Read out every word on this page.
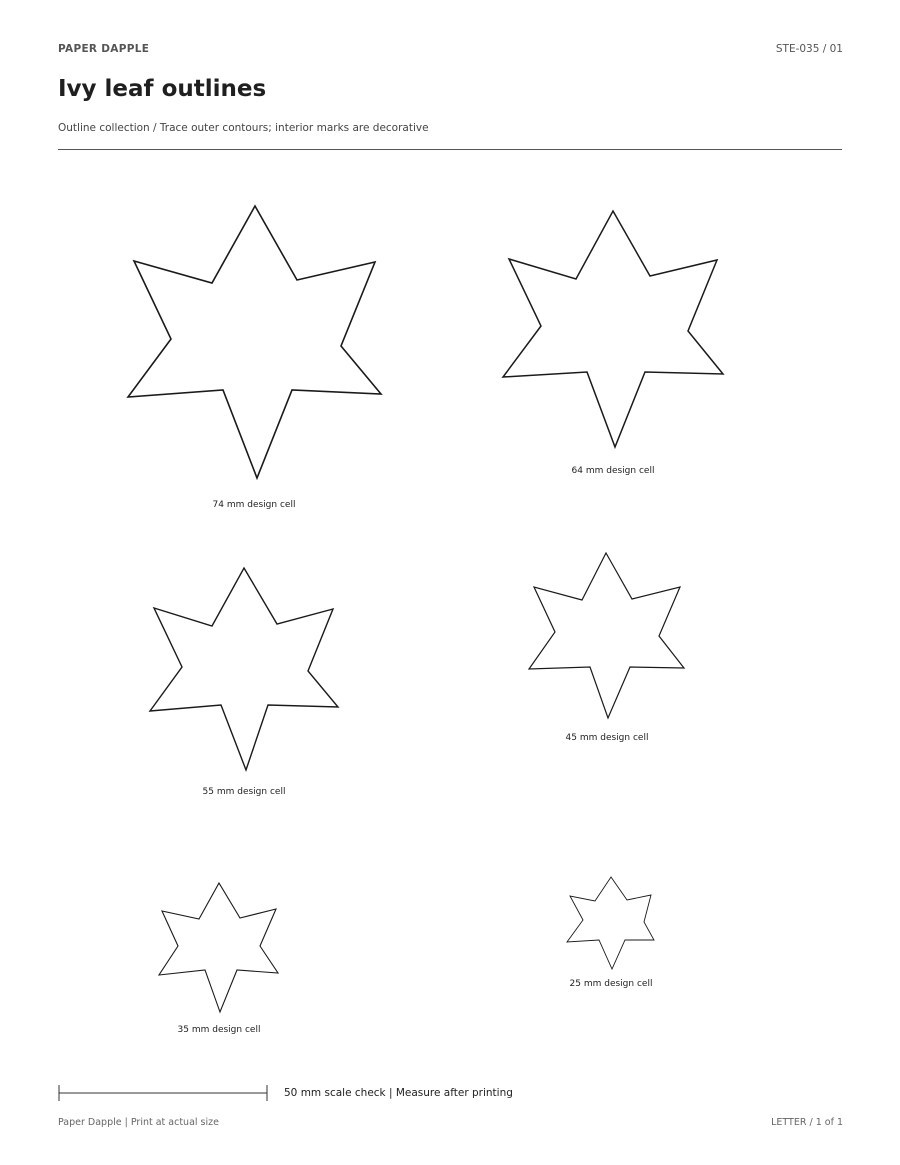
PAPER DAPPLE	STE-035 / 01
Ivy leaf outlines
Outline collection / Trace outer contours; interior marks are decorative
74 mm design cell
64 mm design cell
55 mm design cell
45 mm design cell
35 mm design cell
25 mm design cell
50 mm scale check | Measure after printing
Paper Dapple | Print at actual size	LETTER / 1 of 1
